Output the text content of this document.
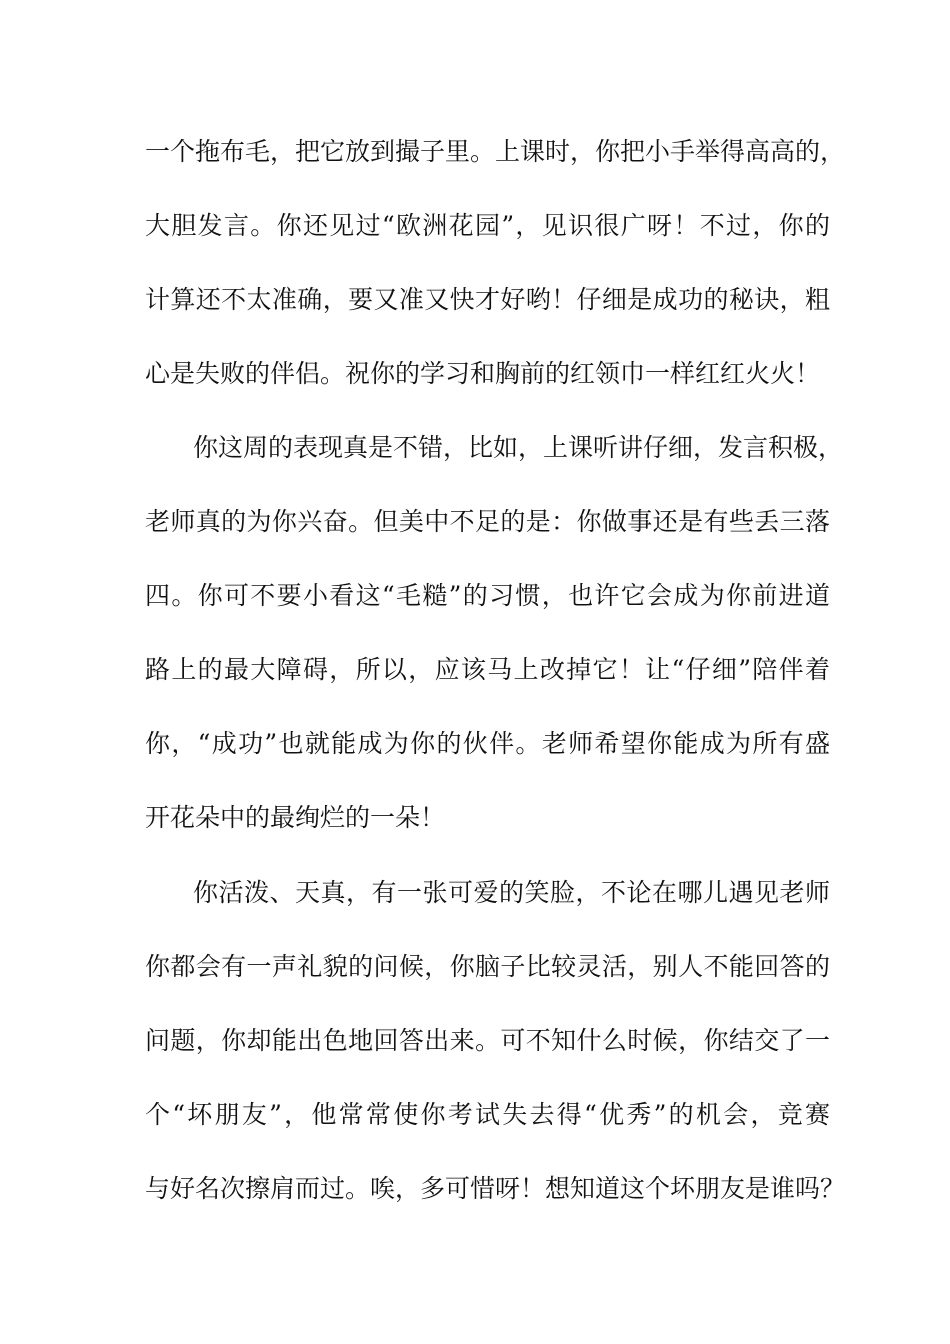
一个拖布毛，把它放到撮子里。上课时，你把小手举得高高的，
大胆发言。你还见过“欧洲花园”，见识很广呀！不过，你的
计算还不太准确，要又准又快才好哟！仔细是成功的秘诀，粗
心是失败的伴侣。祝你的学习和胸前的红领巾一样红红火火！
你这周的表现真是不错，比如，上课听讲仔细，发言积极，
老师真的为你兴奋。但美中不足的是：你做事还是有些丢三落
四。你可不要小看这“毛糙”的习惯，也许它会成为你前进道
路上的最大障碍，所以，应该马上改掉它！让“仔细”陪伴着
你，“成功”也就能成为你的伙伴。老师希望你能成为所有盛
开花朵中的最绚烂的一朵！
你活泼、天真，有一张可爱的笑脸，不论在哪儿遇见老师
你都会有一声礼貌的问候，你脑子比较灵活，别人不能回答的
问题，你却能出色地回答出来。可不知什么时候，你结交了一
个“坏朋友”，他常常使你考试失去得“优秀”的机会，竞赛
与好名次擦肩而过。唉，多可惜呀！想知道这个坏朋友是谁吗？
